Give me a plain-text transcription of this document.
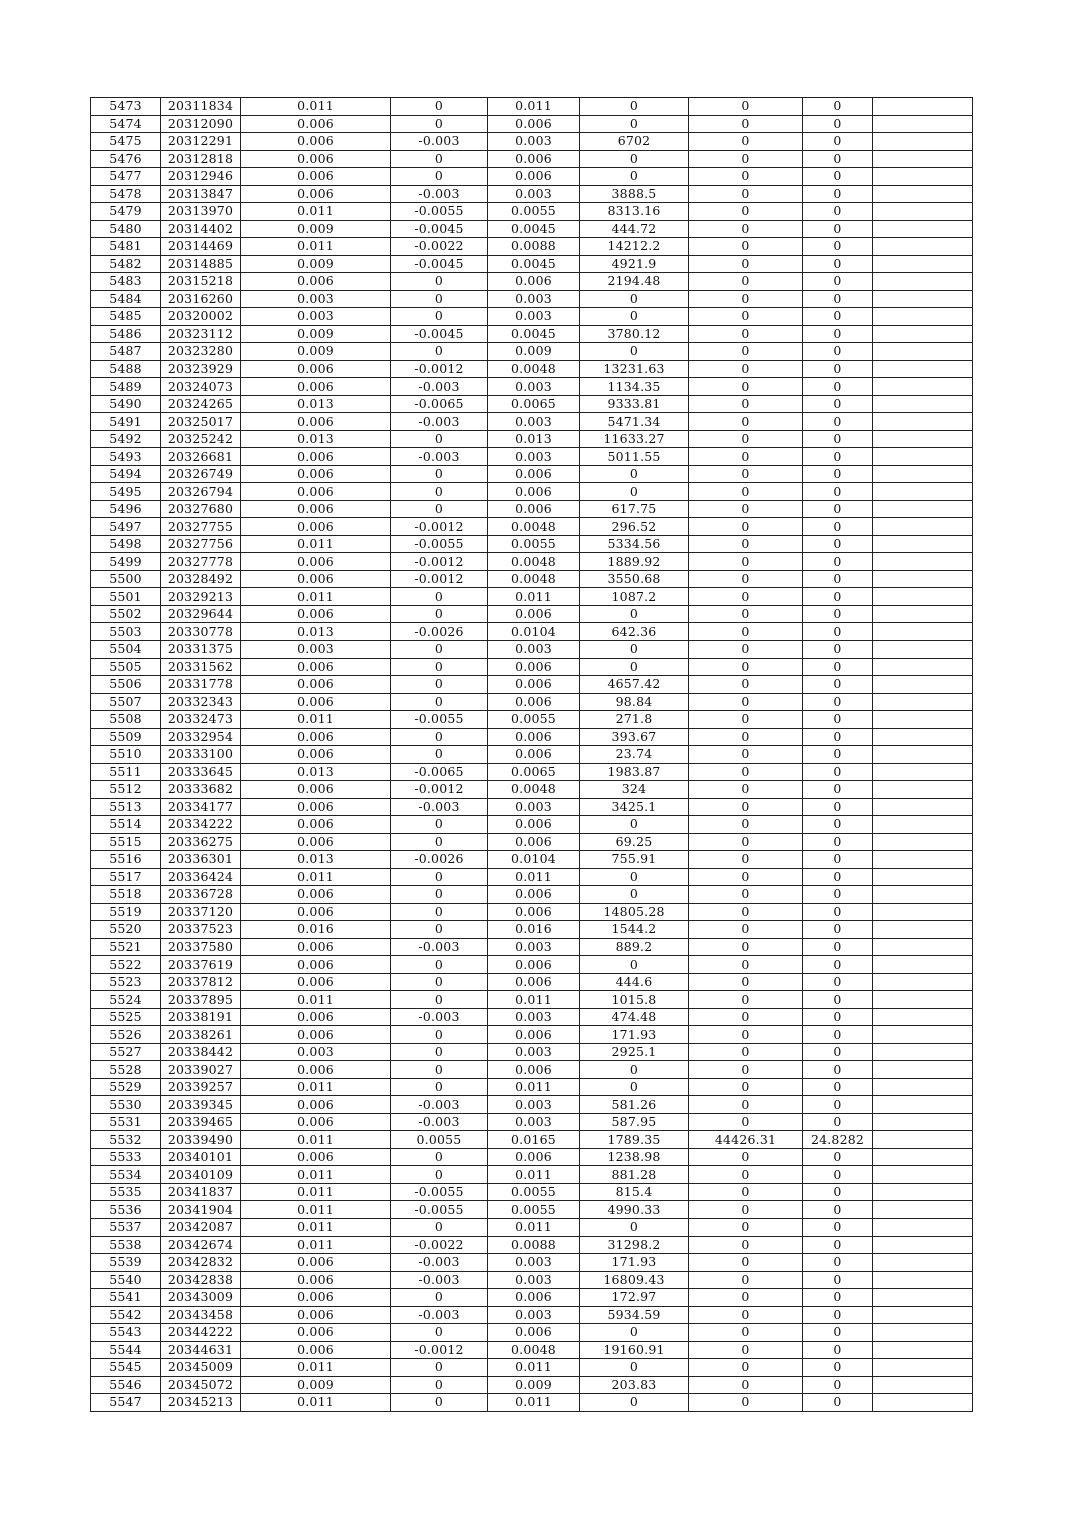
5473	20311834	0.011	0	0.011	0	0	0	
5474	20312090	0.006	0	0.006	0	0	0	
5475	20312291	0.006	-0.003	0.003	6702	0	0	
5476	20312818	0.006	0	0.006	0	0	0	
5477	20312946	0.006	0	0.006	0	0	0	
5478	20313847	0.006	-0.003	0.003	3888.5	0	0	
5479	20313970	0.011	-0.0055	0.0055	8313.16	0	0	
5480	20314402	0.009	-0.0045	0.0045	444.72	0	0	
5481	20314469	0.011	-0.0022	0.0088	14212.2	0	0	
5482	20314885	0.009	-0.0045	0.0045	4921.9	0	0	
5483	20315218	0.006	0	0.006	2194.48	0	0	
5484	20316260	0.003	0	0.003	0	0	0	
5485	20320002	0.003	0	0.003	0	0	0	
5486	20323112	0.009	-0.0045	0.0045	3780.12	0	0	
5487	20323280	0.009	0	0.009	0	0	0	
5488	20323929	0.006	-0.0012	0.0048	13231.63	0	0	
5489	20324073	0.006	-0.003	0.003	1134.35	0	0	
5490	20324265	0.013	-0.0065	0.0065	9333.81	0	0	
5491	20325017	0.006	-0.003	0.003	5471.34	0	0	
5492	20325242	0.013	0	0.013	11633.27	0	0	
5493	20326681	0.006	-0.003	0.003	5011.55	0	0	
5494	20326749	0.006	0	0.006	0	0	0	
5495	20326794	0.006	0	0.006	0	0	0	
5496	20327680	0.006	0	0.006	617.75	0	0	
5497	20327755	0.006	-0.0012	0.0048	296.52	0	0	
5498	20327756	0.011	-0.0055	0.0055	5334.56	0	0	
5499	20327778	0.006	-0.0012	0.0048	1889.92	0	0	
5500	20328492	0.006	-0.0012	0.0048	3550.68	0	0	
5501	20329213	0.011	0	0.011	1087.2	0	0	
5502	20329644	0.006	0	0.006	0	0	0	
5503	20330778	0.013	-0.0026	0.0104	642.36	0	0	
5504	20331375	0.003	0	0.003	0	0	0	
5505	20331562	0.006	0	0.006	0	0	0	
5506	20331778	0.006	0	0.006	4657.42	0	0	
5507	20332343	0.006	0	0.006	98.84	0	0	
5508	20332473	0.011	-0.0055	0.0055	271.8	0	0	
5509	20332954	0.006	0	0.006	393.67	0	0	
5510	20333100	0.006	0	0.006	23.74	0	0	
5511	20333645	0.013	-0.0065	0.0065	1983.87	0	0	
5512	20333682	0.006	-0.0012	0.0048	324	0	0	
5513	20334177	0.006	-0.003	0.003	3425.1	0	0	
5514	20334222	0.006	0	0.006	0	0	0	
5515	20336275	0.006	0	0.006	69.25	0	0	
5516	20336301	0.013	-0.0026	0.0104	755.91	0	0	
5517	20336424	0.011	0	0.011	0	0	0	
5518	20336728	0.006	0	0.006	0	0	0	
5519	20337120	0.006	0	0.006	14805.28	0	0	
5520	20337523	0.016	0	0.016	1544.2	0	0	
5521	20337580	0.006	-0.003	0.003	889.2	0	0	
5522	20337619	0.006	0	0.006	0	0	0	
5523	20337812	0.006	0	0.006	444.6	0	0	
5524	20337895	0.011	0	0.011	1015.8	0	0	
5525	20338191	0.006	-0.003	0.003	474.48	0	0	
5526	20338261	0.006	0	0.006	171.93	0	0	
5527	20338442	0.003	0	0.003	2925.1	0	0	
5528	20339027	0.006	0	0.006	0	0	0	
5529	20339257	0.011	0	0.011	0	0	0	
5530	20339345	0.006	-0.003	0.003	581.26	0	0	
5531	20339465	0.006	-0.003	0.003	587.95	0	0	
5532	20339490	0.011	0.0055	0.0165	1789.35	44426.31	24.8282	
5533	20340101	0.006	0	0.006	1238.98	0	0	
5534	20340109	0.011	0	0.011	881.28	0	0	
5535	20341837	0.011	-0.0055	0.0055	815.4	0	0	
5536	20341904	0.011	-0.0055	0.0055	4990.33	0	0	
5537	20342087	0.011	0	0.011	0	0	0	
5538	20342674	0.011	-0.0022	0.0088	31298.2	0	0	
5539	20342832	0.006	-0.003	0.003	171.93	0	0	
5540	20342838	0.006	-0.003	0.003	16809.43	0	0	
5541	20343009	0.006	0	0.006	172.97	0	0	
5542	20343458	0.006	-0.003	0.003	5934.59	0	0	
5543	20344222	0.006	0	0.006	0	0	0	
5544	20344631	0.006	-0.0012	0.0048	19160.91	0	0	
5545	20345009	0.011	0	0.011	0	0	0	
5546	20345072	0.009	0	0.009	203.83	0	0	
5547	20345213	0.011	0	0.011	0	0	0	
